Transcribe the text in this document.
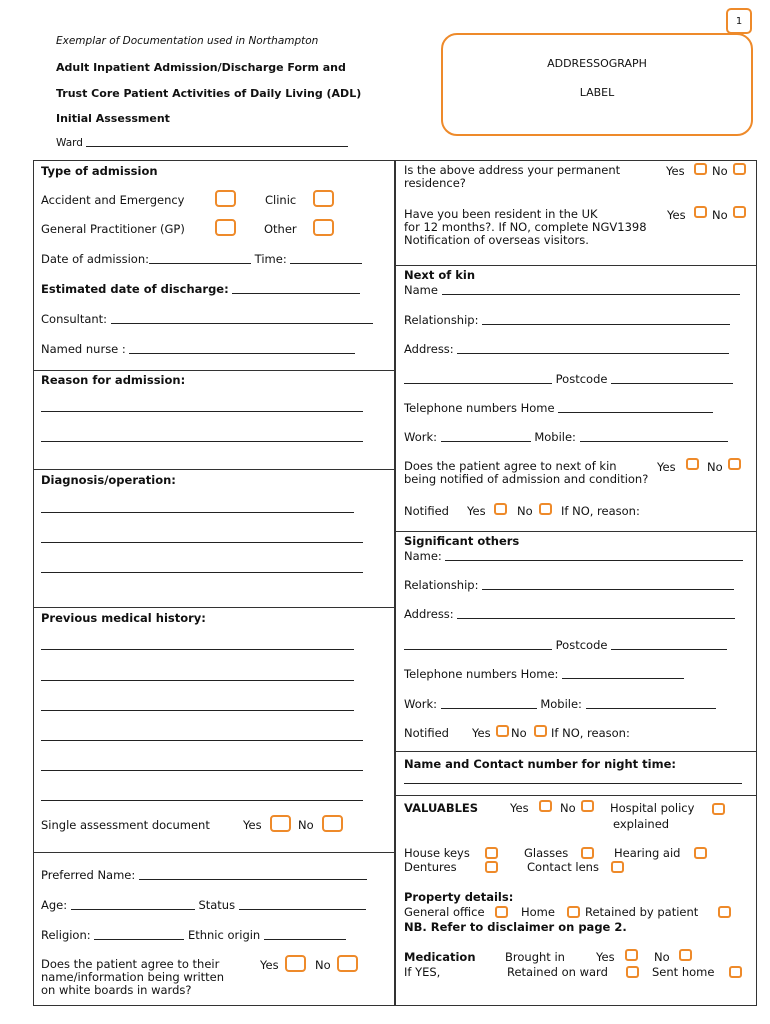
1
Exemplar of Documentation used in Northampton
Adult Inpatient Admission/Discharge Form and
Trust Core Patient Activities of Daily Living (ADL)
Initial Assessment
Ward
ADDRESSOGRAPH
LABEL
Type of admission
Accident and Emergency	Clinic
General Practitioner (GP)	Other
Date of admission:	Time:
Estimated date of discharge:
Consultant:
Named nurse :
Reason for admission:
Diagnosis/operation:
Previous medical history:
Single assessment document	Yes	No
Preferred Name:
Age:	Status
Religion:	Ethnic origin
Does the patient agree to their
name/information being written
on white boards in wards?
Yes	No
Is the above address your permanent
residence?
Yes No
Have you been resident in the UK
for 12 months?. If NO, complete NGV1398
Notification of overseas visitors.
Yes No
Next of kin
Name
Relationship:
Address:
Postcode
Telephone numbers Home
Work:	Mobile:
Does the patient agree to next of kin
being notified of admission and condition?
Yes	No
Notified Yes	No If NO, reason:
Significant others
Name:
Relationship:
Address:
Postcode
Telephone numbers Home:
Work:	Mobile:
Notified Yes No If NO, reason:
Name and Contact number for night time:
VALUABLES	Yes	No	Hospital policy
explained
House keys	Glasses	Hearing aid
Dentures	Contact lens
Property details:
General office	Home	Retained by patient
NB. Refer to disclaimer on page 2.
Medication
If YES,
Brought in	Yes	No
Retained on ward	Sent home
